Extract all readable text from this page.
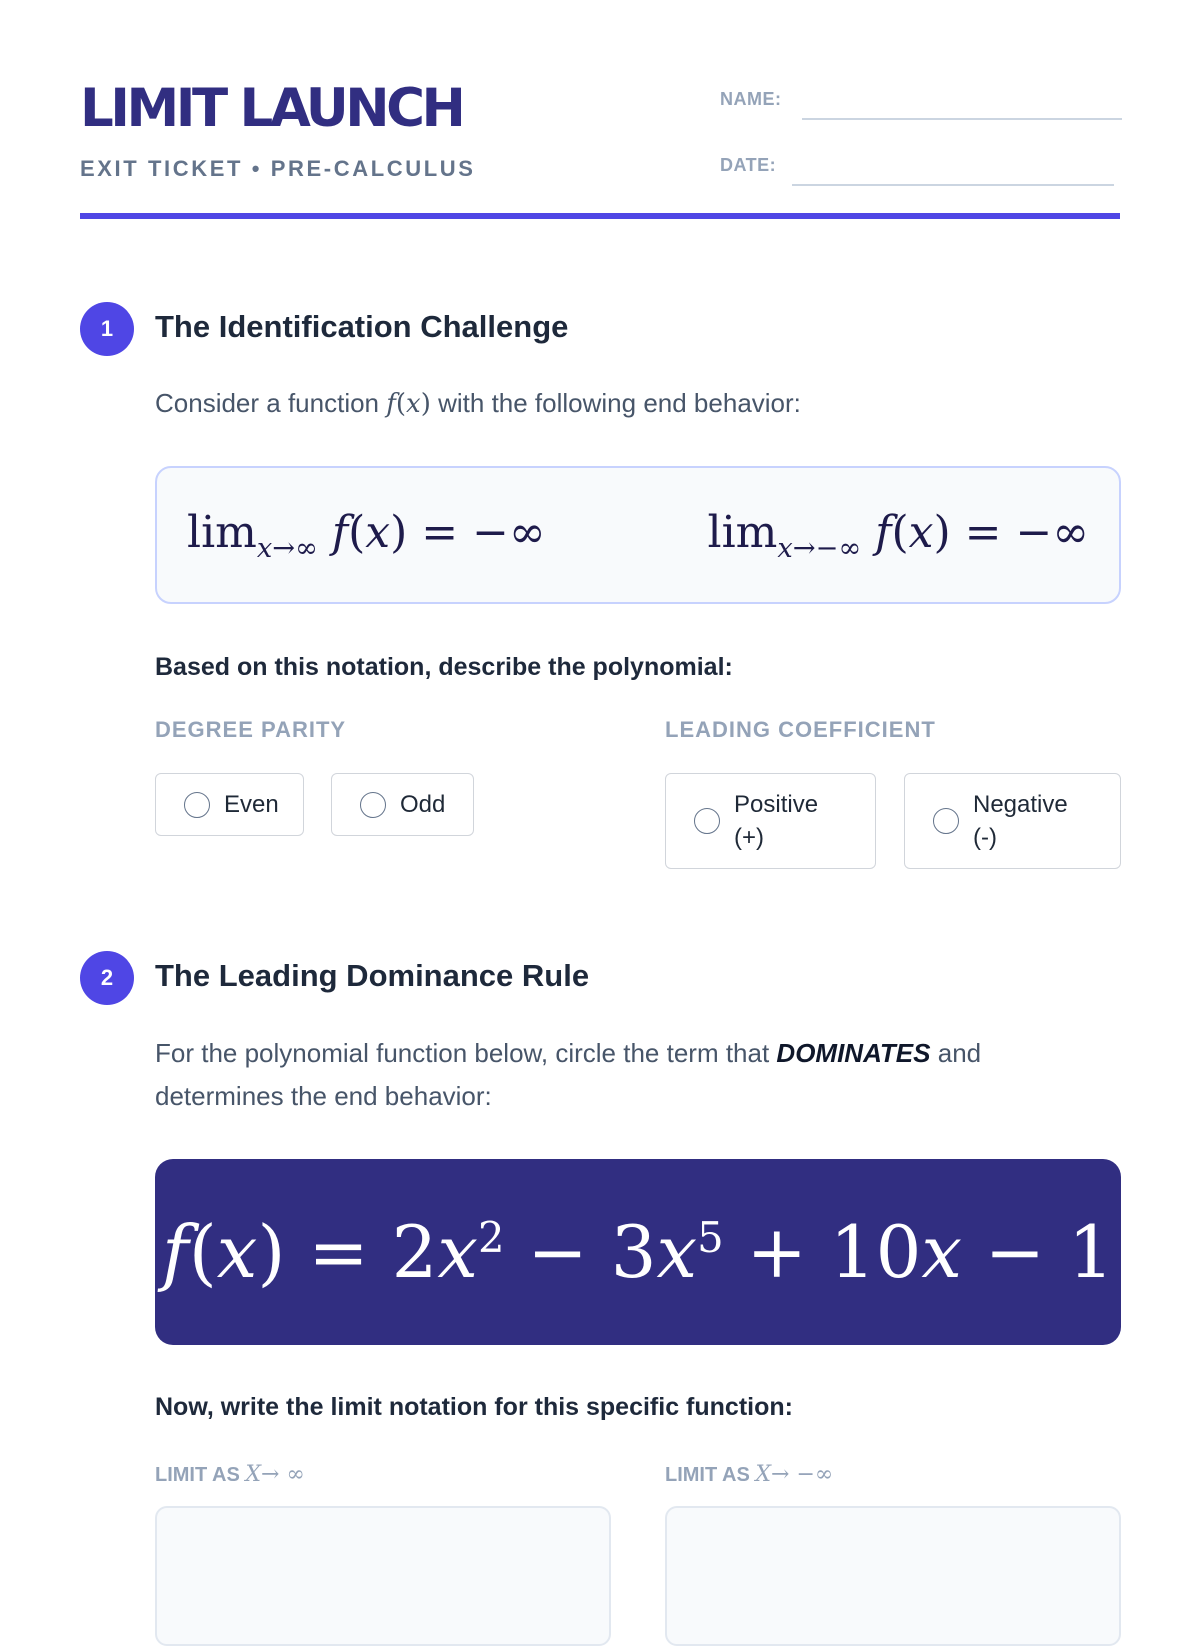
LIMIT LAUNCH
EXIT TICKET • PRE-CALCULUS
NAME:
DATE:
1	The Identification Challenge
Consider a function f(x) with the following end behavior:
$\lim_{x\to\infty} f(x)$ = −∞	$\lim_{x\to-\infty} f(x)$ = −∞
Based on this notation, describe the polynomial:
DEGREE PARITY	LEADING COEFFICIENT
Even	Odd	Positive
(+)
Negative
(-)
2	The Leading Dominance Rule
For the polynomial function below, circle the term that DOMINATES and determines the end behavior:
$f(x) = 2x^2 - 3x^5 + 10x - 1$
Now, write the limit notation for this specific function:
LIMIT AS X→ ∞	LIMIT AS X→ −∞
